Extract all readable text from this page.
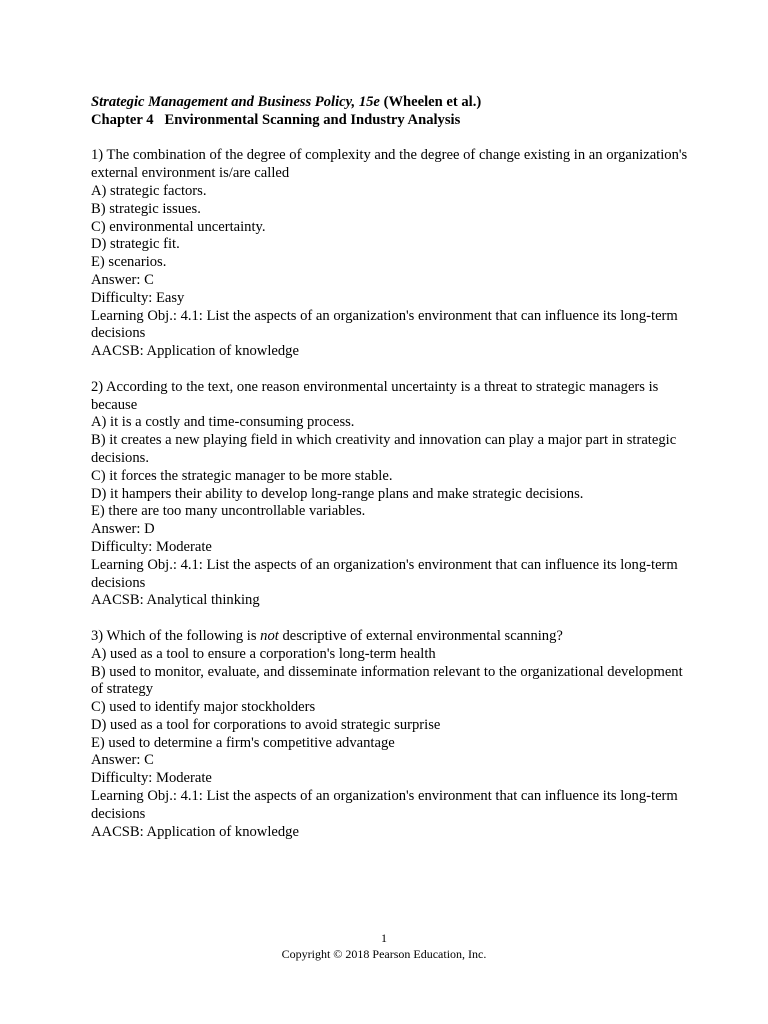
Strategic Management and Business Policy, 15e (Wheelen et al.)
Chapter 4   Environmental Scanning and Industry Analysis
1) The combination of the degree of complexity and the degree of change existing in an organization's external environment is/are called
A) strategic factors.
B) strategic issues.
C) environmental uncertainty.
D) strategic fit.
E) scenarios.
Answer: C
Difficulty: Easy
Learning Obj.: 4.1: List the aspects of an organization's environment that can influence its long-term decisions
AACSB: Application of knowledge
2) According to the text, one reason environmental uncertainty is a threat to strategic managers is because
A) it is a costly and time-consuming process.
B) it creates a new playing field in which creativity and innovation can play a major part in strategic decisions.
C) it forces the strategic manager to be more stable.
D) it hampers their ability to develop long-range plans and make strategic decisions.
E) there are too many uncontrollable variables.
Answer: D
Difficulty: Moderate
Learning Obj.: 4.1: List the aspects of an organization's environment that can influence its long-term decisions
AACSB: Analytical thinking
3) Which of the following is not descriptive of external environmental scanning?
A) used as a tool to ensure a corporation's long-term health
B) used to monitor, evaluate, and disseminate information relevant to the organizational development of strategy
C) used to identify major stockholders
D) used as a tool for corporations to avoid strategic surprise
E) used to determine a firm's competitive advantage
Answer: C
Difficulty: Moderate
Learning Obj.: 4.1: List the aspects of an organization's environment that can influence its long-term decisions
AACSB: Application of knowledge
1
Copyright © 2018 Pearson Education, Inc.
